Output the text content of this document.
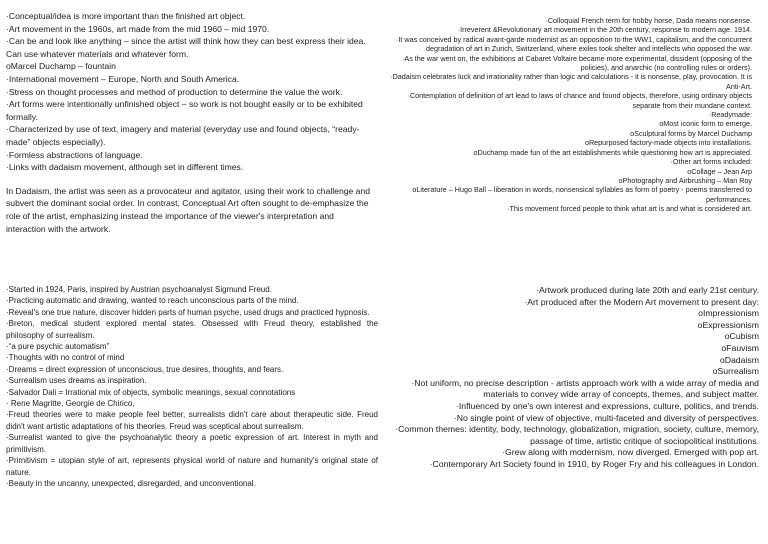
·Conceptual/idea is more important than the finished art object.

·Art movement in the 1960s, art made from the mid 1960 – mid 1970.

·Can be and look like anything – since the artist will think how they can best express their idea. Can use whatever materials and whatever form.

oMarcel Duchamp – fountain

·International movement – Europe, North and South America.

·Stress on thought processes and method of production to determine the value the work.

·Art forms were intentionally unfinished object – so work is not bought easily or to be exhibited formally.

·Characterized by use of text, imagery and material (everyday use and found objects, “ready-made” objects especially).

·Formless abstractions of language.

·Links with dadaism movement, although set in different times.

In Dadaism, the artist was seen as a provocateur and agitator, using their work to challenge and subvert the dominant social order. In contrast, Conceptual Art often sought to de-emphasize the role of the artist, emphasizing instead the importance of the viewer's interpretation and interaction with the artwork.

·Colloquial French term for hobby horse, Dada means nonsense.

·Irreverent &Revolutionary art movement in the 20th century, response to modern age. 1914.

·It was conceived by radical avant-garde modernist as an opposition to the WW1, capitalism, and the concurrent degradation of art in Zurich, Switzerland, where exiles took shelter and intellects who opposed the war.

·As the war went on, the exhibitions at Cabaret Voltaire became more experimental, dissident (opposing of the policies), and anarchic (no controlling rules or orders).

·Dadaism celebrates luck and irrationality rather than logic and calculations - it is nonsense, play, provocation. It is Anti-Art.

·Contemplation of definition of art lead to laws of chance and found objects, therefore, using ordinary objects separate from their mundane context.

·Readymade:

oMost iconic form to emerge.

oSculptural forms by Marcel Duchamp

oRepurposed factory-made objects into installations.

oDuchamp made fun of the art establishments while questioning how art is appreciated.

·Other art forms included:

oCollage – Jean Arp

oPhotography and Airbrushing – Man Roy

oLiterature – Hugo Ball – liberation in words, nonsensical syllables as form of poetry - poems transferred to performances.

·This movement forced people to think what art is and what is considered art.

·Started in 1924, Paris, inspired by Austrian psychoanalyst Sigmund Freud.

·Practicing automatic and drawing, wanted to reach unconscious parts of the mind.

·Reveal's one true nature, discover hidden parts of human psyche, used drugs and practiced hypnosis.

·Breton, medical student explored mental states. Obsessed with Freud theory, established the philosophy of surrealism.

·“a pure psychic automatism”

·Thoughts with no control of mind

·Dreams = direct expression of unconscious, true desires, thoughts, and fears.

·Surrealism uses dreams as inspiration.

·Salvador Dali = Irrational mix of objects, symbolic meanings, sexual connotations

· Rene Magritte, Georgie de Chirico,

·Freud theories were to make people feel better, surrealists didn't care about therapeutic side. Freud didn't want artistic adaptations of his theories. Freud was sceptical about surrealism.

·Surrealist wanted to give the psychoanalytic theory a poetic expression of art. Interest in myth and primitivism.

·Primitivism = utopian style of art, represents physical world of nature and humanity's original state of nature.

·Beauty in the uncanny, unexpected, disregarded, and unconventional.

·Artwork produced during late 20th and early 21st century.

·Art produced after the Modern Art movement to present day:

oImpressionism

oExpressionism

oCubism

oFauvism

oDadaism

oSurrealism

·Not uniform, no precise description - artists approach work with a wide array of media and materials to convey wide array of concepts, themes, and subject matter.

·Influenced by one's own interest and expressions, culture, politics, and trends.

·No single point of view of objective, multi-faceted and diversity of perspectives.

·Common themes: identity, body, technology, globalization, migration, society, culture, memory, passage of time, artistic critique of sociopolitical institutions.

·Grew along with modernism, now diverged. Emerged with pop art.

·Contemporary Art Society found in 1910, by Roger Fry and his colleagues in London.
